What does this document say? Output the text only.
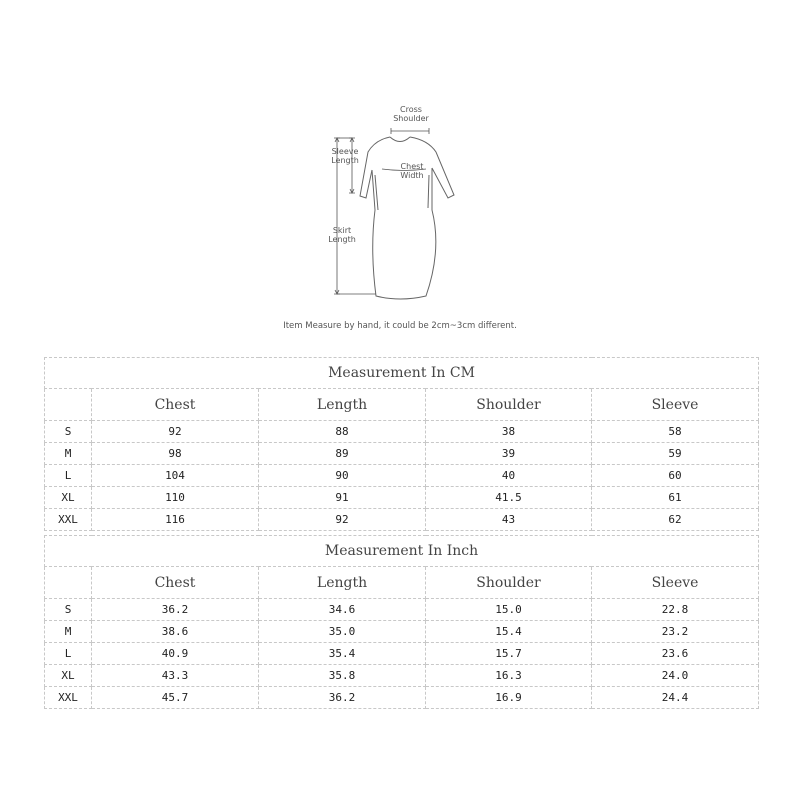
Cross
Shoulder
Sleeve
Length
Chest
Width
Skirt
Length
Item Measure by hand, it could be 2cm~3cm different.
Measurement In CM				
	Chest	Length	Shoulder	Sleeve
S	92	88	38	58
M	98	89	39	59
L	104	90	40	60
XL	110	91	41.5	61
XXL	116	92	43	62
Measurement In Inch				
	Chest	Length	Shoulder	Sleeve
S	36.2	34.6	15.0	22.8
M	38.6	35.0	15.4	23.2
L	40.9	35.4	15.7	23.6
XL	43.3	35.8	16.3	24.0
XXL	45.7	36.2	16.9	24.4
